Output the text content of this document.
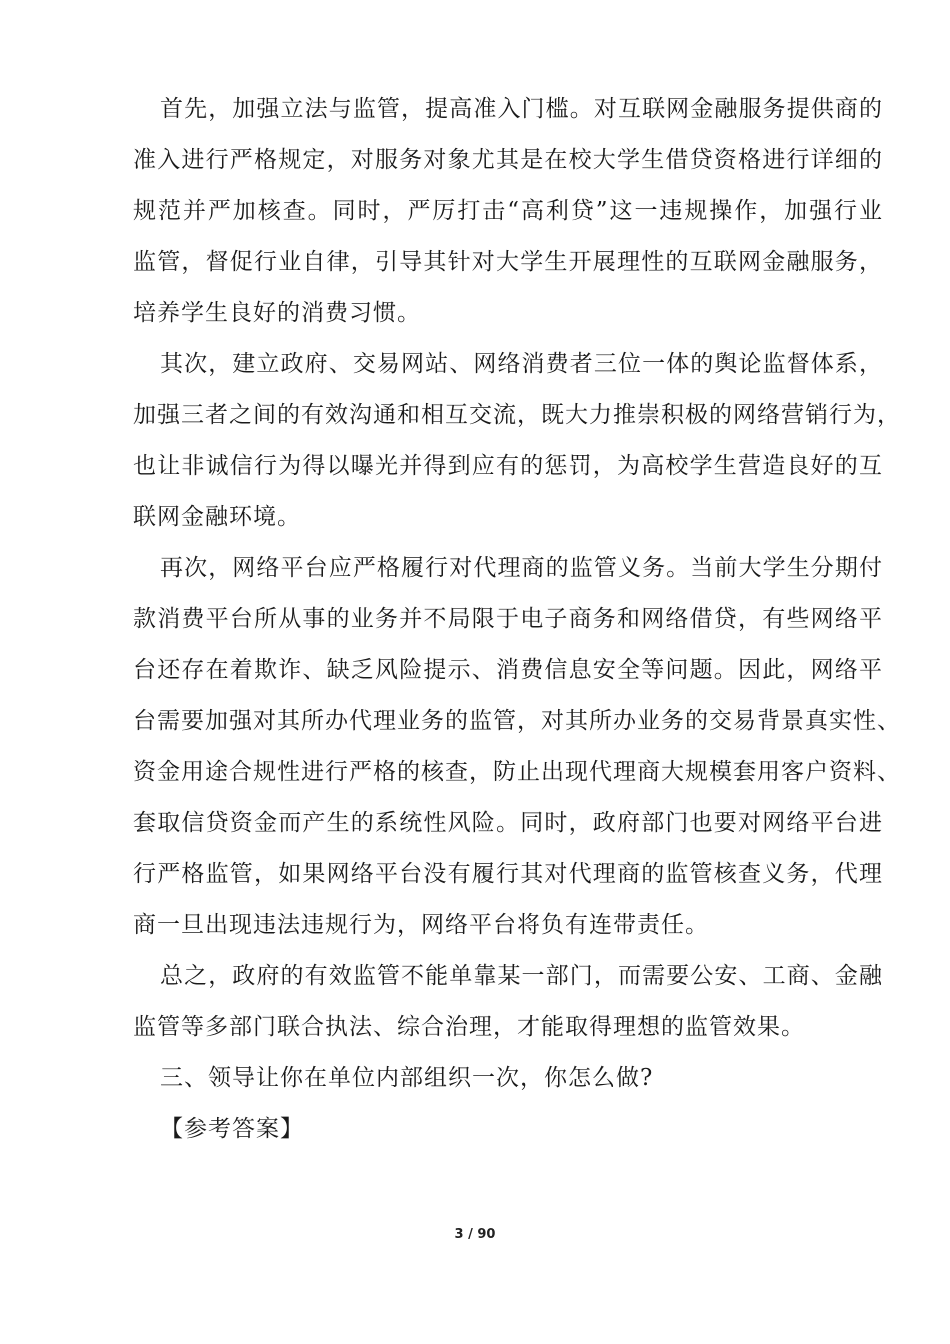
首先，加强立法与监管，提高准入门槛。对互联网金融服务提供商的
准入进行严格规定，对服务对象尤其是在校大学生借贷资格进行详细的
规范并严加核查。同时，严厉打击“高利贷”这一违规操作，加强行业
监管，督促行业自律，引导其针对大学生开展理性的互联网金融服务，
培养学生良好的消费习惯。
其次，建立政府、交易网站、网络消费者三位一体的舆论监督体系，
加强三者之间的有效沟通和相互交流，既大力推崇积极的网络营销行为，
也让非诚信行为得以曝光并得到应有的惩罚，为高校学生营造良好的互
联网金融环境。
再次，网络平台应严格履行对代理商的监管义务。当前大学生分期付
款消费平台所从事的业务并不局限于电子商务和网络借贷，有些网络平
台还存在着欺诈、缺乏风险提示、消费信息安全等问题。因此，网络平
台需要加强对其所办代理业务的监管，对其所办业务的交易背景真实性、
资金用途合规性进行严格的核查，防止出现代理商大规模套用客户资料、
套取信贷资金而产生的系统性风险。同时，政府部门也要对网络平台进
行严格监管，如果网络平台没有履行其对代理商的监管核查义务，代理
商一旦出现违法违规行为，网络平台将负有连带责任。
总之，政府的有效监管不能单靠某一部门，而需要公安、工商、金融
监管等多部门联合执法、综合治理，才能取得理想的监管效果。
三、领导让你在单位内部组织一次，你怎么做?
【参考答案】
3 / 90
